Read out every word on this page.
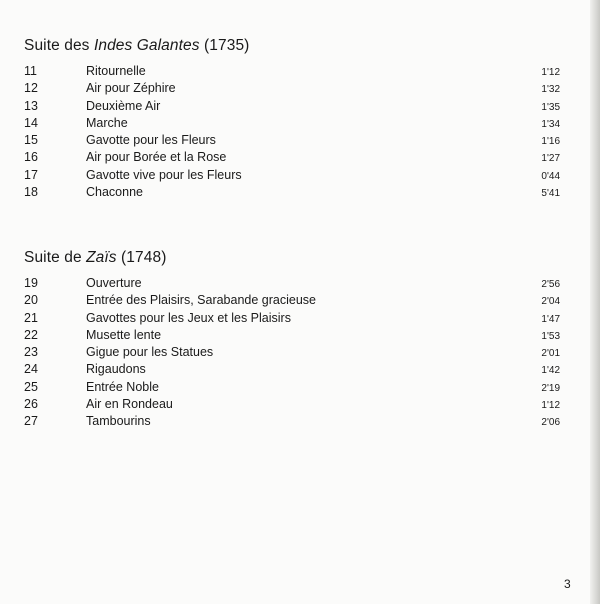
Suite des Indes Galantes (1735)
11	Ritournelle	1'12
12	Air pour Zéphire	1'32
13	Deuxième Air	1'35
14	Marche	1'34
15	Gavotte pour les Fleurs	1'16
16	Air pour Borée et la Rose	1'27
17	Gavotte vive pour les Fleurs	0'44
18	Chaconne	5'41
Suite de Zaïs (1748)
19	Ouverture	2'56
20	Entrée des Plaisirs, Sarabande gracieuse	2'04
21	Gavottes pour les Jeux et les Plaisirs	1'47
22	Musette lente	1'53
23	Gigue pour les Statues	2'01
24	Rigaudons	1'42
25	Entrée Noble	2'19
26	Air en Rondeau	1'12
27	Tambourins	2'06
3
